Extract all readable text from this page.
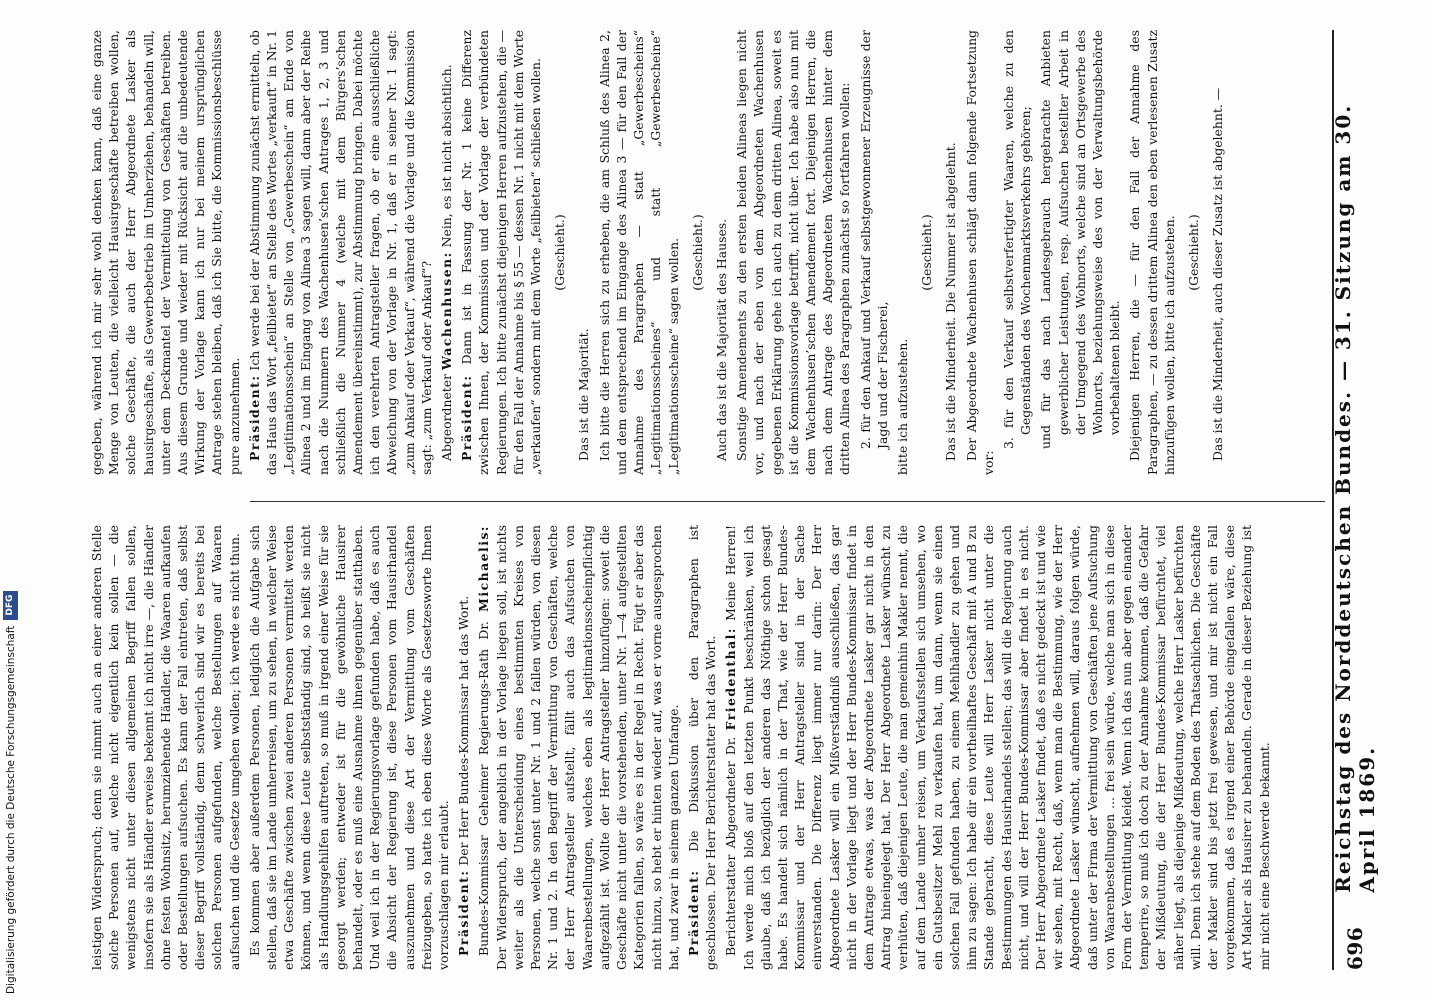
696
Reichstag des Norddeutschen Bundes. — 31. Sitzung am 30. April 1869.

leistigen Widerspruch; denn sie nimmt auch an einer anderen Stelle solche Personen auf, welche nicht eigentlich kein sollen — die wenigstens nicht unter diesen allgemeinen Begriff fallen sollen, insofern sie als Händler erweise bekennt ich nicht irre —, die Händler ohne festen Wohnsitz, herumziehende Händler, die Waaren aufkaufen oder Bestellungen aufsuchen. Es kann der Fall eintreten, daß selbst dieser Begriff vollständig, denn schwerlich sind wir es bereits bei solchen Personen aufgefunden, welche Bestellungen auf Waaren aufsuchen und die Gesetze umgehen wollen; ich werde es nicht thun. Es kommen aber außerdem Personen, lediglich die Aufgabe sich stellen, daß sie im Lande umherreisen, um zu sehen, in welcher Weise etwa Geschäfte zwischen zwei anderen Personen vermittelt werden können, und wenn diese Leute selbstständig sind, so heißt sie nicht als Handlungsgehilfen auftreten, so muß in irgend einer Weise für sie gesorgt werden; entweder ist für die gewöhnliche Hausirer behandelt, oder es muß eine Ausnahme ihnen gegenüber statthaben. Und weil ich in der Regierungsvorlage gefunden habe, daß es auch die Absicht der Regierung ist, diese Personen vom Hausirhandel auszunehmen und diese Art der Vermittlung vom Geschäften freizugeben, so hatte ich eben diese Worte als Gesetzesworte Ihnen vorzuschlagen mir erlaubt. Präsident: Der Herr Bundes-Kommissar hat das Wort. Bundes-Kommissar Geheimer Regierungs-Rath Dr. Michaelis: Der Widerspruch, der angeblich in der Vorlage liegen soll, ist nichts weiter als die Unterscheidung eines bestimmten Kreises von Personen, welche sonst unter Nr. 1 und 2 fallen würden, von diesen Nr. 1 und 2. In den Begriff der Vermittlung von Geschäften, welche der Herr Antragsteller aufstellt, fällt auch das Aufsuchen von Waarenbestellungen, welches eben als legitimationsscheinpflichtig aufgezählt ist. Wollte der Herr Antragsteller hinzufügen: soweit die Geschäfte nicht unter die vorstehenden, unter Nr. 1—4 aufgestellten Kategorien fallen, so wäre es in der Regel in Recht. Fügt er aber das nicht hinzu, so hebt er hinten wieder auf, was er vorne ausgesprochen hat, und zwar in seinem ganzen Umfange. Präsident: Die Diskussion über den Paragraphen ist geschlossen. Der Herr Berichterstatter hat das Wort. Berichterstatter Abgeordneter Dr. Friedenthal: Meine Herren! Ich werde mich bloß auf den letzten Punkt beschränken, weil ich glaube, daß ich bezüglich der anderen das Nöthige schon gesagt habe. Es handelt sich nämlich in der That, wie der Herr Bundes-Kommissar und der Herr Antragsteller sind in der Sache einverstanden. Die Differenz liegt immer nur darin: Der Herr Abgeordnete Lasker will ein Mißverständniß ausschließen, das gar nicht in der Vorlage liegt und der Herr Bundes-Kommissar findet in dem Antrage etwas, was der Abgeordnete Lasker gar nicht in den Antrag hineingelegt hat. Der Herr Abgeordnete Lasker wünscht zu verhüten, daß diejenigen Leute, die man gemeinhin Makler nennt, die auf dem Lande umher reisen, um Verkaufsstellen sich umsehen, wo ein Gutsbesitzer Mehl zu verkaufen hat, um dann, wenn sie einen solchen Fall gefunden haben, zu einem Mehlhändler zu gehen und ihm zu sagen: Ich habe dir ein vortheilhaftes Geschäft mit A und B zu Stande gebracht, diese Leute will Herr Lasker nicht unter die Bestimmungen des Hausirhandels stellen; das will die Regierung auch nicht, und will der Herr Bundes-Kommissar aber findet in es nicht. Der Herr Abgeordnete Lasker findet, daß es nicht gedeckt ist und wie wir sehen, mit Recht, daß, wenn man die Bestimmung, wie der Herr Abgeordnete Lasker wünscht, aufnehmen will, daraus folgen würde, daß unter der Firma der Vermittlung von Geschäften jene Aufsuchung von Waarenbestellungen ... frei sein würde, welche man sich in diese Form der Vermittlung kleidet. Wenn ich das nun aber gegen einander temperire, so muß ich doch zu der Annahme kommen, daß die Gefahr der Mißdeutung, die der Herr Bundes-Kommissar befürchtet, viel näher liegt, als diejenige Mißdeutung, welche Herr Lasker befürchten will. Denn ich stehe auf dem Boden des Thatsachlichen. Die Geschäfte der Makler sind bis jetzt frei gewesen, und mir ist nicht ein Fall vorgekommen, daß es irgend einer Behörde eingefallen wäre, diese Art Makler als Hausirer zu behandeln. Gerade in dieser Beziehung ist mir nicht eine Beschwerde bekannt.

gegeben, während ich mir sehr wohl denken kann, daß eine ganze Menge von Leuten, die vielleicht Hausirgeschäfte betreiben wollen, solche Geschäfte, die auch der Herr Abgeordnete Lasker als hausirgeschäfte, als Gewerbebetrieb im Umherziehen, behandeln will, unter dem Deckmantel der Vermittelung von Geschäften betreiben. Aus diesem Grunde und wieder mit Rücksicht auf die unbedeutende Wirkung der Vorlage kann ich nur bei meinem ursprünglichen Antrage stehen bleiben, daß ich Sie bitte, die Kommissionsbeschlüsse pure anzunehmen. Präsident: Ich werde bei der Abstimmung zunächst ermitteln, ob das Haus das Wort „feilbietet“ an Stelle des Wortes „verkauft“ in Nr. 1 „Legitimationsschein“ an Stelle von „Gewerbeschein“ am Ende von Alinea 2 und im Eingang von Alinea 3 sagen will, dann aber der Reihe nach die Nummern des Wachenhusen’schen Antrages 1, 2, 3 und schließlich die Nummer 4 (welche mit dem Bürgers’schen Amendement übereinstimmt), zur Abstimmung bringen. Dabei möchte ich den verehrten Antragsteller fragen, ob er eine ausschließliche Abweichung von der Vorlage in Nr. 1, daß er in seiner Nr. 1 sagt: „zum Ankauf oder Verkauf“, während die Vorlage und die Kommission sagt: „zum Verkauf oder Ankauf“? Abgeordneter Wachenhusen: Nein, es ist nicht absichtlich.

Präsident: Dann ist in Fassung der Nr. 1 keine Differenz zwischen Ihnen, der Kommission und der Vorlage der verbündeten Regierungen. Ich bitte zunächst diejenigen Herren aufzustehen, die — für den Fall der Annahme bis § 55 — dessen Nr. 1 nicht mit dem Worte „verkaufen“ sondern mit dem Worte „feilbieten“ schließen wollen. (Geschieht.)

Das ist die Majorität. Ich bitte die Herren sich zu erheben, die am Schluß des Alinea 2, und dem entsprechend im Eingange des Alinea 3 — für den Fall der Annahme des Paragraphen — statt „Gewerbescheins“ „Legitimationsscheines“ und statt „Gewerbescheine“ „Legitimationsscheine“ sagen wollen. (Geschieht.) Auch das ist die Majorität des Hauses. Sonstige Amendements zu den ersten beiden Alineas liegen nicht vor, und nach der eben von dem Abgeordneten Wachenhusen gegebenen Erklärung gehe ich auch zu dem dritten Alinea, soweit es ist die Kommissionsvorlage betrifft, nicht über. Ich habe also nun mit dem Wachenhusen’schen Amendement fort. Diejenigen Herren, die nach dem Antrage des Abgeordneten Wachenhusen hinter dem dritten Alinea des Paragraphen zunächst so fortfahren wollen: 2. für den Ankauf und Verkauf selbstgewonnener Erzeugnisse der Jagd und der Fischerei, bitte ich aufzustehen.

(Geschieht.) Das ist die Minderheit. Die Nummer ist abgelehnt. Der Abgeordnete Wachenhusen schlägt dann folgende Fortsetzung vor:

3. für den Verkauf selbstverfertigter Waaren, welche zu den Gegenständen des Wochenmarktsverkehrs gehören; und für das nach Landesgebrauch hergebrachte Anbieten gewerblicher Leistungen, resp. Aufsuchen bestellter Arbeit in der Umgegend des Wohnorts, welche sind an Ortsgewerbe des Wohnorts, beziehungsweise des von der Verwaltungsbehörde vorbehaltenen bleibt. Diejenigen Herren, die — für den Fall der Annahme des Paragraphen, — zu dessen drittem Alinea den eben verlesenen Zusatz hinzufügen wollen, bitte ich aufzustehen. (Geschieht.) Das ist die Minderheit, auch dieser Zusatz ist abgelehnt. —

Digitalisierung gefördert durch die Deutsche Forschungsgemeinschaft
DFG
